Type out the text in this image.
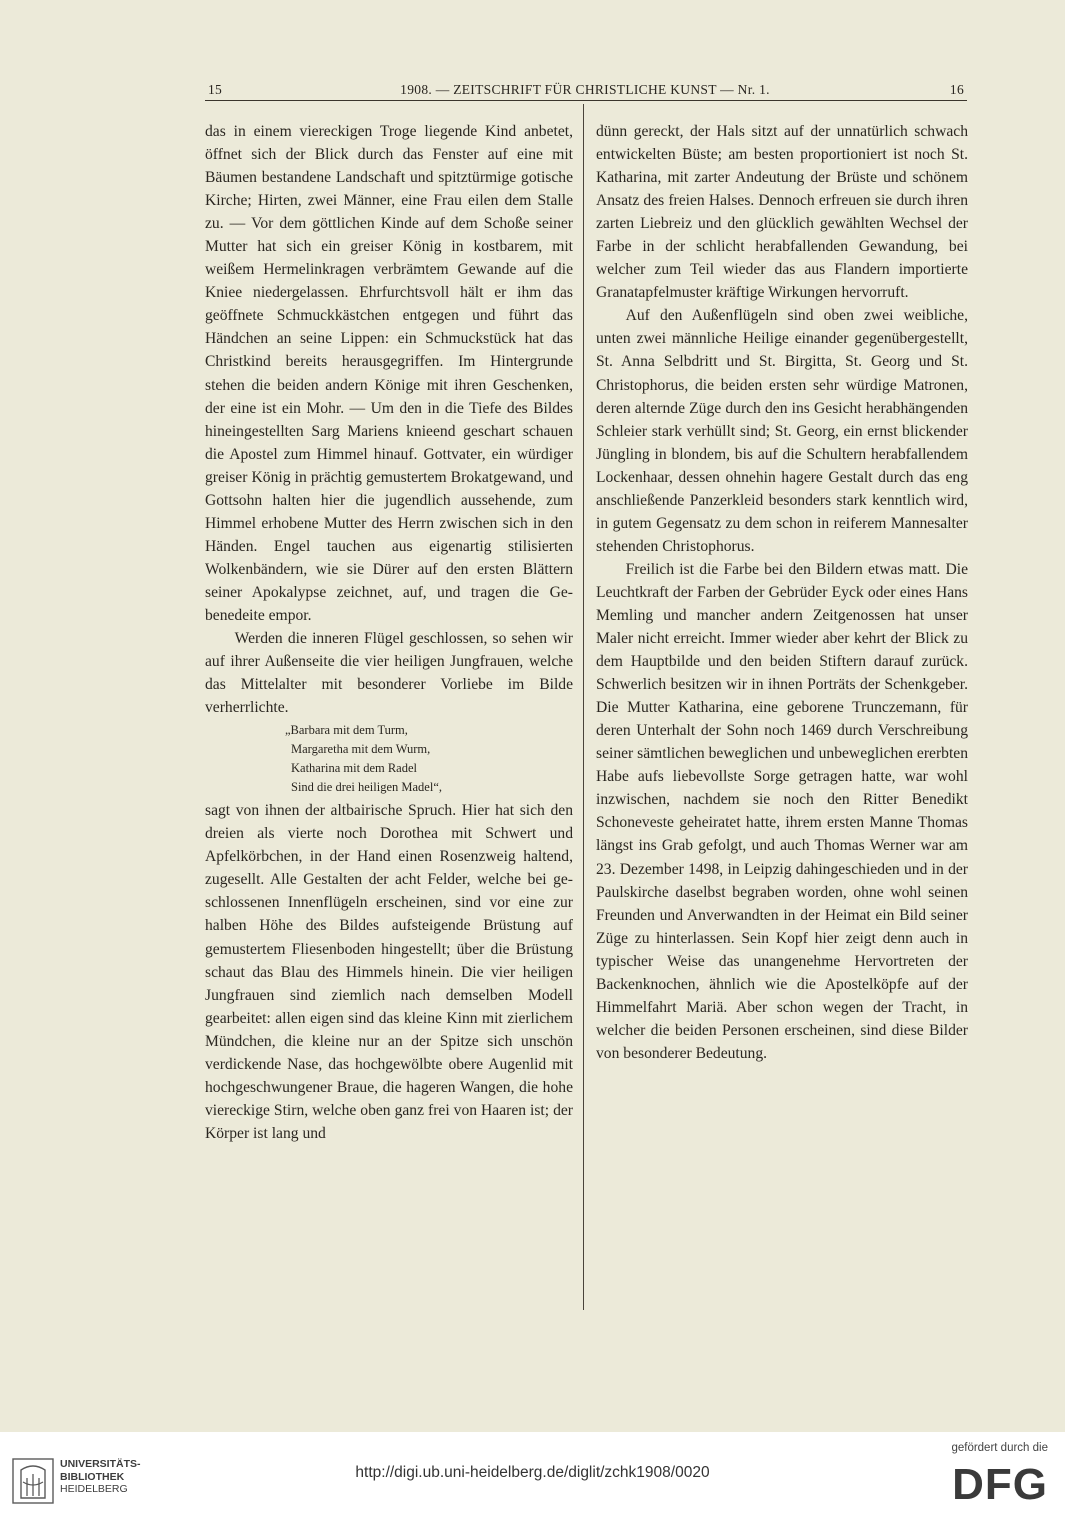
15	1908. — ZEITSCHRIFT FÜR CHRISTLICHE KUNST — Nr. 1.	16

das in einem viereckigen Troge liegende Kind anbetet, öffnet sich der Blick durch das Fenster auf eine mit Bäumen bestandene Landschaft und spitztürmige gotische Kirche; Hirten, zwei Männer, eine Frau eilen dem Stalle zu. — Vor dem göttlichen Kinde auf dem Schoße seiner Mutter hat sich ein greiser König in kostbarem, mit weißem Hermelinkragen verbrämtem Gewande auf die Kniee niedergelassen. Ehrfurchtsvoll hält er ihm das geöffnete Schmuckkästchen entgegen und führt das Händchen an seine Lippen: ein Schmuckstück hat das Christkind bereits herausgegriffen. Im Hintergrunde stehen die beiden andern Könige mit ihren Geschenken, der eine ist ein Mohr. — Um den in die Tiefe des Bildes hineingestellten Sarg Mariens knieend geschart schauen die Apostel zum Himmel hinauf. Gottvater, ein würdiger greiser König in prächtig gemustertem Brokatgewand, und Gottsohn halten hier die jugendlich aussehende, zum Himmel erhobene Mutter des Herrn zwischen sich in den Händen. Engel tauchen aus eigenartig stilisierten Wolkenbändern, wie sie Dürer auf den ersten Blättern seiner Apokalypse zeichnet, auf, und tragen die Gebenedeite empor.

Werden die inneren Flügel geschlossen, so sehen wir auf ihrer Außenseite die vier heiligen Jungfrauen, welche das Mittelalter mit besonderer Vorliebe im Bilde verherrlichte.

„Barbara mit dem Turm,
Margaretha mit dem Wurm,
Katharina mit dem Radel
Sind die drei heiligen Madel“,

sagt von ihnen der altbairische Spruch. Hier hat sich den dreien als vierte noch Dorothea mit Schwert und Apfelkörbchen, in der Hand einen Rosenzweig haltend, zugesellt. Alle Gestalten der acht Felder, welche bei geschlossenen Innenflügeln erscheinen, sind vor eine zur halben Höhe des Bildes aufsteigende Brüstung auf gemustertem Fliesenboden hingestellt; über die Brüstung schaut das Blau des Himmels hinein. Die vier heiligen Jungfrauen sind ziemlich nach demselben Modell gearbeitet: allen eigen sind das kleine Kinn mit zierlichem Mündchen, die kleine nur an der Spitze sich unschön verdickende Nase, das hochgewölbte obere Augenlid mit hochgeschwungener Braue, die hageren Wangen, die hohe viereckige Stirn, welche oben ganz frei von Haaren ist; der Körper ist lang und

dünn gereckt, der Hals sitzt auf der unnatürlich schwach entwickelten Büste; am besten proportioniert ist noch St. Katharina, mit zarter Andeutung der Brüste und schönem Ansatz des freien Halses. Dennoch erfreuen sie durch ihren zarten Liebreiz und den glücklich gewählten Wechsel der Farbe in der schlicht herabfallenden Gewandung, bei welcher zum Teil wieder das aus Flandern importierte Granatapfelmuster kräftige Wirkungen hervorruft.

Auf den Außenflügeln sind oben zwei weibliche, unten zwei männliche Heilige einander gegenübergestellt, St. Anna Selbdritt und St. Birgitta, St. Georg und St. Christophorus, die beiden ersten sehr würdige Matronen, deren alternde Züge durch den ins Gesicht herabhängenden Schleier stark verhüllt sind; St. Georg, ein ernst blickender Jüngling in blondem, bis auf die Schultern herabfallendem Lockenhaar, dessen ohnehin hagere Gestalt durch das eng anschließende Panzerkleid besonders stark kenntlich wird, in gutem Gegensatz zu dem schon in reiferem Mannesalter stehenden Christophorus.

Freilich ist die Farbe bei den Bildern etwas matt. Die Leuchtkraft der Farben der Gebrüder Eyck oder eines Hans Memling und mancher andern Zeitgenossen hat unser Maler nicht erreicht. Immer wieder aber kehrt der Blick zu dem Hauptbilde und den beiden Stiftern darauf zurück. Schwerlich besitzen wir in ihnen Porträts der Schenkgeber. Die Mutter Katharina, eine geborene Trunczemann, für deren Unterhalt der Sohn noch 1469 durch Verschreibung seiner sämtlichen beweglichen und unbeweglichen ererbten Habe aufs liebevollste Sorge getragen hatte, war wohl inzwischen, nachdem sie noch den Ritter Benedikt Schoneveste geheiratet hatte, ihrem ersten Manne Thomas längst ins Grab gefolgt, und auch Thomas Werner war am 23. Dezember 1498, in Leipzig dahingeschieden und in der Paulskirche daselbst begraben worden, ohne wohl seinen Freunden und Anverwandten in der Heimat ein Bild seiner Züge zu hinterlassen. Sein Kopf hier zeigt denn auch in typischer Weise das unangenehme Hervortreten der Backenknochen, ähnlich wie die Apostelköpfe auf der Himmelfahrt Mariä. Aber schon wegen der Tracht, in welcher die beiden Personen erscheinen, sind diese Bilder von besonderer Bedeutung.

UNIVERSITÄTS-
BIBLIOTHEK
HEIDELBERG
http://digi.ub.uni-heidelberg.de/diglit/zchk1908/0020
gefördert durch die
DFG
